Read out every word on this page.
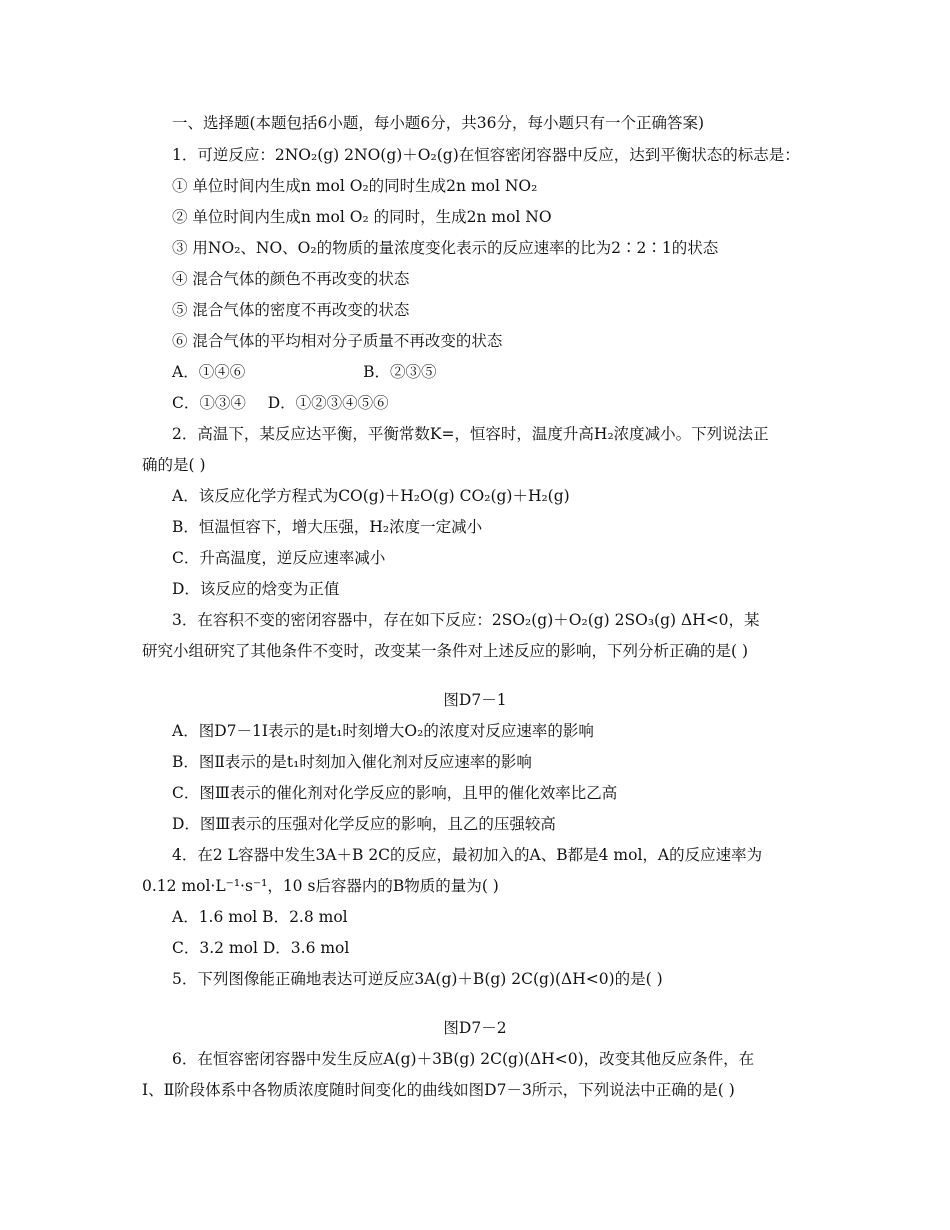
一、选择题(本题包括6小题，每小题6分，共36分，每小题只有一个正确答案)
1．可逆反应：2NO₂(g) 2NO(g)＋O₂(g)在恒容密闭容器中反应，达到平衡状态的标志是：
① 单位时间内生成n mol O₂的同时生成2n mol NO₂
② 单位时间内生成n mol O₂ 的同时，生成2n mol NO
③ 用NO₂、NO、O₂的物质的量浓度变化表示的反应速率的比为2∶2∶1的状态
④ 混合气体的颜色不再改变的状态
⑤ 混合气体的密度不再改变的状态
⑥ 混合气体的平均相对分子质量不再改变的状态
A．①④⑥	B．②③⑤
C．①③④ D．①②③④⑤⑥
2．高温下，某反应达平衡，平衡常数K=，恒容时，温度升高H₂浓度减小。下列说法正
确的是( )
A．该反应化学方程式为CO(g)＋H₂O(g) CO₂(g)＋H₂(g)
B．恒温恒容下，增大压强，H₂浓度一定减小
C．升高温度，逆反应速率减小
D．该反应的焓变为正值
3．在容积不变的密闭容器中，存在如下反应：2SO₂(g)＋O₂(g) 2SO₃(g) ΔH<0，某
研究小组研究了其他条件不变时，改变某一条件对上述反应的影响，下列分析正确的是( )
图D7－1
A．图D7－1Ⅰ表示的是t₁时刻增大O₂的浓度对反应速率的影响
B．图Ⅱ表示的是t₁时刻加入催化剂对反应速率的影响
C．图Ⅲ表示的催化剂对化学反应的影响，且甲的催化效率比乙高
D．图Ⅲ表示的压强对化学反应的影响，且乙的压强较高
4．在2 L容器中发生3A＋B 2C的反应，最初加入的A、B都是4 mol，A的反应速率为
0.12 mol·L⁻¹·s⁻¹，10 s后容器内的B物质的量为( )
A．1.6 mol B．2.8 mol
C．3.2 mol D．3.6 mol
5．下列图像能正确地表达可逆反应3A(g)＋B(g) 2C(g)(ΔH<0)的是( )
图D7－2
6．在恒容密闭容器中发生反应A(g)＋3B(g) 2C(g)(ΔH<0)，改变其他反应条件，在
Ⅰ、Ⅱ阶段体系中各物质浓度随时间变化的曲线如图D7－3所示，下列说法中正确的是( )
